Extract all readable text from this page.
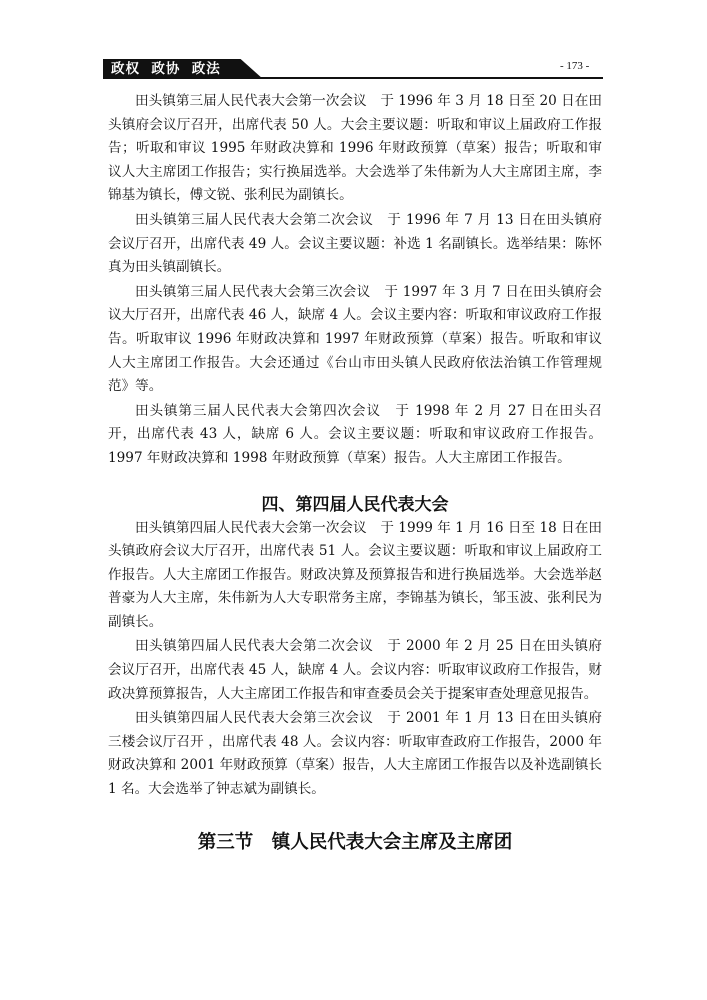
政权  政协  政法	- 173 -

田头镇第三届人民代表大会第一次会议　于 1996 年 3 月 18 日至 20 日在田头镇府会议厅召开，出席代表 50 人。大会主要议题：听取和审议上届政府工作报告；听取和审议 1995 年财政决算和 1996 年财政预算（草案）报告；听取和审议人大主席团工作报告；实行换届选举。大会选举了朱伟新为人大主席团主席，李锦基为镇长，傅文锐、张利民为副镇长。

田头镇第三届人民代表大会第二次会议　于 1996 年 7 月 13 日在田头镇府会议厅召开，出席代表 49 人。会议主要议题：补选 1 名副镇长。选举结果：陈怀真为田头镇副镇长。

田头镇第三届人民代表大会第三次会议　于 1997 年 3 月 7 日在田头镇府会议大厅召开，出席代表 46 人，缺席 4 人。会议主要内容：听取和审议政府工作报告。听取审议 1996 年财政决算和 1997 年财政预算（草案）报告。听取和审议人大主席团工作报告。大会还通过《台山市田头镇人民政府依法治镇工作管理规范》等。

田头镇第三届人民代表大会第四次会议　于 1998 年 2 月 27 日在田头召开，出席代表 43 人，缺席 6 人。会议主要议题：听取和审议政府工作报告。1997 年财政决算和 1998 年财政预算（草案）报告。人大主席团工作报告。

四、第四届人民代表大会

田头镇第四届人民代表大会第一次会议　于 1999 年 1 月 16 日至 18 日在田头镇政府会议大厅召开，出席代表 51 人。会议主要议题：听取和审议上届政府工作报告。人大主席团工作报告。财政决算及预算报告和进行换届选举。大会选举赵普豪为人大主席，朱伟新为人大专职常务主席，李锦基为镇长，邹玉波、张利民为副镇长。

田头镇第四届人民代表大会第二次会议　于 2000 年 2 月 25 日在田头镇府会议厅召开，出席代表 45 人，缺席 4 人。会议内容：听取审议政府工作报告，财政决算预算报告，人大主席团工作报告和审查委员会关于提案审查处理意见报告。

田头镇第四届人民代表大会第三次会议　于 2001 年 1 月 13 日在田头镇府三楼会议厅召开 ，出席代表 48 人。会议内容：听取审查政府工作报告，2000 年财政决算和 2001 年财政预算（草案）报告，人大主席团工作报告以及补选副镇长 1 名。大会选举了钟志斌为副镇长。

第三节　镇人民代表大会主席及主席团
